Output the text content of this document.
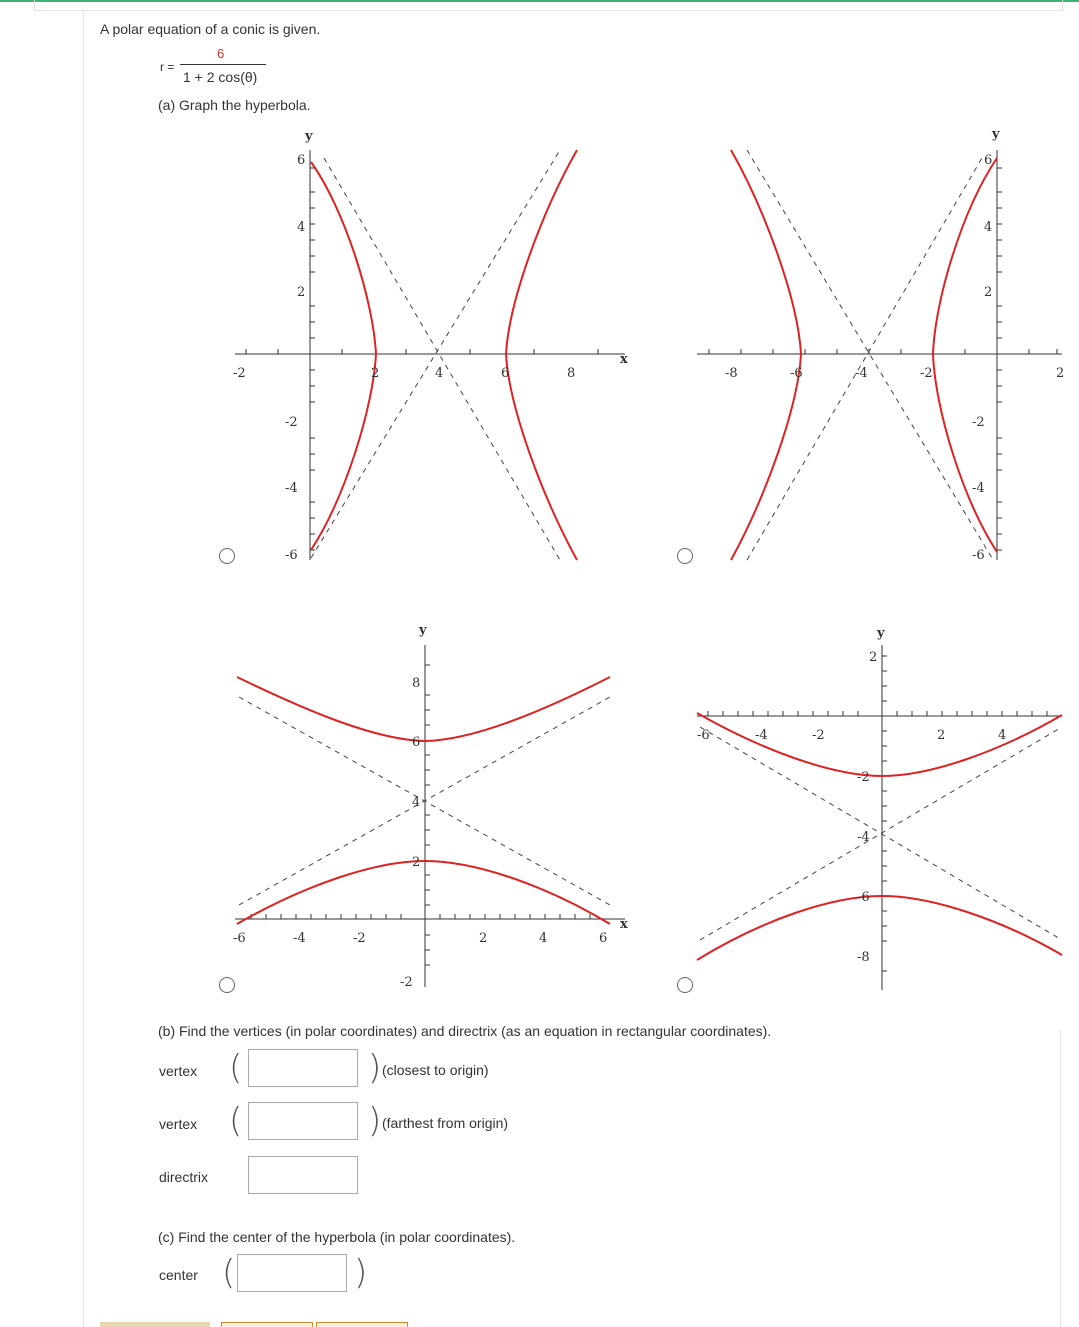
A polar equation of a conic is given.
r =
6
1 + 2 cos(θ)
(a) Graph the hyperbola.
-2	2	4	6	8
6
4
2
-2
-4
-6
y
x
-8	-6	-4	-2	2
6
4
2
-2
-4
-6
y
-6	-4	-2	2	4	6
8
6
4
2
-2
y
x
-6	-4	-2	2	4
2
-2
-4
-6
-8
y
(b) Find the vertices (in polar coordinates) and directrix (as an equation in rectangular coordinates).
vertex (	) (closest to origin)
vertex (	) (farthest from origin)
directrix
(c) Find the center of the hyperbola (in polar coordinates).
center (	)
